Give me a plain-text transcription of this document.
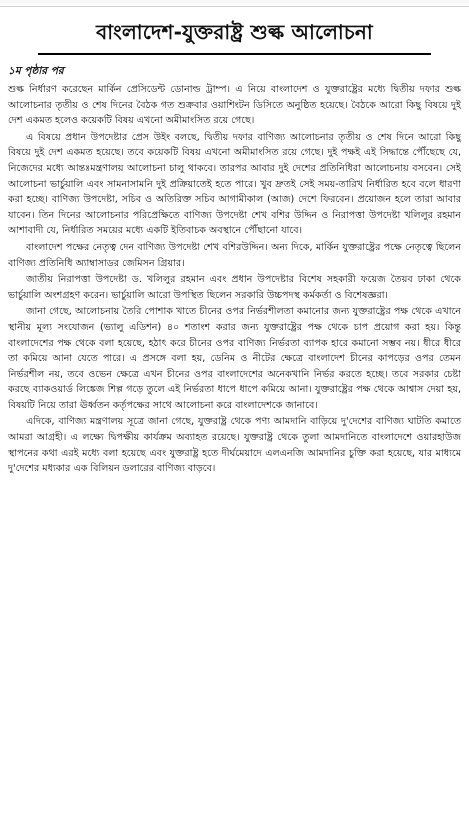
বাংলাদেশ-যুক্তরাষ্ট্র শুল্ক আলোচনা
১ম পৃষ্ঠার পর

শুল্ক নির্ধারণ করেছেন মার্কিন প্রেসিডেন্ট ডোনাল্ড ট্রাম্প। এ নিয়ে বাংলাদেশ ও যুক্তরাষ্ট্রের মধ্যে দ্বিতীয় দফার শুল্ক আলোচনার তৃতীয় ও শেষ দিনের বৈঠক গত শুক্রবার ওয়াশিংটন ডিসিতে অনুষ্ঠিত হয়েছে। বৈঠকে আরো কিছু বিষয়ে দুই দেশ একমত হলেও কয়েকটি বিষয় এখনো অমীমাংসিত রয়ে গেছে।

এ বিষয়ে প্রধান উপদেষ্টার প্রেস উইং বলছে, দ্বিতীয় দফার বাণিজ্য আলোচনার তৃতীয় ও শেষ দিনে আরো কিছু বিষয়ে দুই দেশ একমত হয়েছে। তবে কয়েকটি বিষয় এখনো অমীমাংসিত রয়ে গেছে। দুই পক্ষই এই সিদ্ধান্তে পৌঁছেছে যে, নিজেদের মধ্যে আন্তঃমন্ত্রণালয় আলোচনা চালু থাকবে। তারপর আবার দুই দেশের প্রতিনিধিরা আলোচনায় বসবেন। সেই আলোচনা ভার্চুয়ালি এবং সামনাসামনি দুই প্রক্রিয়াতেই হতে পারে। খুব দ্রুতই সেই সময়-তারিখ নির্ধারিত হবে বলে ধারণা করা হচ্ছে। বাণিজ্য উপদেষ্টা, সচিব ও অতিরিক্ত সচিব আগামীকাল (আজ) দেশে ফিরবেন। প্রয়োজন হলে তারা আবার যাবেন। তিন দিনের আলোচনার পরিপ্রেক্ষিতে বাণিজ্য উপদেষ্টা শেখ বশির উদ্দিন ও নিরাপত্তা উপদেষ্টা খলিলুর রহমান আশাবাদী যে, নির্ধারিত সময়ের মধ্যে একটি ইতিবাচক অবস্থানে পৌঁছানো যাবে।

বাংলাদেশ পক্ষের নেতৃত্ব দেন বাণিজ্য উপদেষ্টা শেখ বশিরউদ্দিন। অন্য দিকে, মার্কিন যুক্তরাষ্ট্রের পক্ষে নেতৃত্বে ছিলেন বাণিজ্য প্রতিনিধি অ্যাম্বাসাডর জেমিসন গ্রিয়ার।

জাতীয় নিরাপত্তা উপদেষ্টা ড. খলিলুর রহমান এবং প্রধান উপদেষ্টার বিশেষ সহকারী ফয়েজ তৈয়ব ঢাকা থেকে ভার্চুয়ালি অংশগ্রহণ করেন। ভার্চুয়ালি আরো উপস্থিত ছিলেন সরকারি উচ্চপদস্থ কর্মকর্তা ও বিশেষজ্ঞরা।

জানা গেছে, আলোচনায় তৈরি পোশাক খাতে চীনের ওপর নির্ভরশীলতা কমানোর জন্য যুক্তরাষ্ট্রের পক্ষ থেকে এখানে স্থানীয় মূল্য সংযোজন (ভ্যালু এডিশন) ৪০ শতাংশ করার জন্য যুক্তরাষ্ট্রের পক্ষ থেকে চাপ প্রয়োগ করা হয়। কিন্তু বাংলাদেশের পক্ষ থেকে বলা হয়েছে, হঠাৎ করে চীনের ওপর বাণিজ্য নির্ভরতা ব্যাপক হারে কমানো সম্ভব নয়। ধীরে ধীরে তা কমিয়ে আনা যেতে পারে। এ প্রসঙ্গে বলা হয়, ডেনিম ও নীটের ক্ষেত্রে বাংলাদেশ চীনের কাপড়ের ওপর তেমন নির্ভরশীল নয়, তবে ওভেন ক্ষেত্রে এখন চীনের ওপর বাংলাদেশের অনেকখানি নির্ভর করতে হচ্ছে। তবে সরকার চেষ্টা করছে ব্যাকওয়ার্ড লিঙ্কেজ শিল্প গড়ে তুলে এই নির্ভরতা ধাপে ধাপে কমিয়ে আনা। যুক্তরাষ্ট্রের পক্ষ থেকে আশ্বাস দেয়া হয়, বিষয়টি নিয়ে তারা ঊর্ধ্বতন কর্তৃপক্ষের সাথে আলোচনা করে বাংলাদেশকে জানাবে।

এদিকে, বাণিজ্য মন্ত্রণালয় সূত্রে জানা গেছে, যুক্তরাষ্ট্র থেকে পণ্য আমদানি বাড়িয়ে দু'দেশের বাণিজ্য ঘাটতি কমাতে আমরা আগ্রহী। এ লক্ষ্যে দ্বিপক্ষীয় কার্যক্রম অব্যাহত রয়েছে। যুক্তরাষ্ট্র থেকে তুলা আমদানিতে বাংলাদেশে ওয়ারহাউজ স্থাপনের কথা এরই মধ্যে বলা হয়েছে এবং যুক্তরাষ্ট্র হতে দীর্ঘমেয়াদে এলএনজি আমদানির চুক্তি করা হয়েছে, যার মাধ্যমে দু'দেশের মধ্যকার এক বিলিয়ন ডলারের বাণিজ্য বাড়বে।
